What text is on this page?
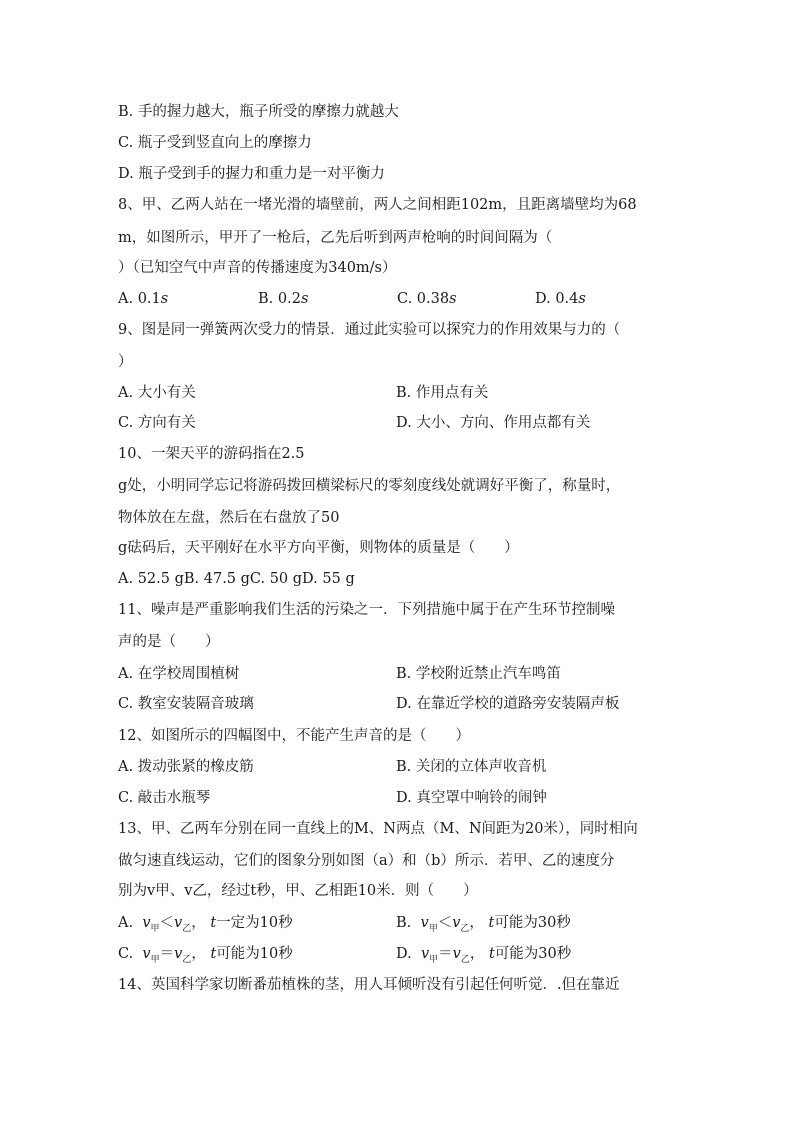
B. 手的握力越大，瓶子所受的摩擦力就越大
C. 瓶子受到竖直向上的摩擦力
D. 瓶子受到手的握力和重力是一对平衡力
8、甲、乙两人站在一堵光滑的墙壁前，两人之间相距102m，且距离墙壁均为68
m，如图所示，甲开了一枪后，乙先后听到两声枪响的时间间隔为（
）（已知空气中声音的传播速度为340m/s）
A. 0.1s	B. 0.2s	C. 0.38s	D. 0.4s
9、图是同一弹簧两次受力的情景．通过此实验可以探究力的作用效果与力的（
）
A. 大小有关	B. 作用点有关
C. 方向有关	D. 大小、方向、作用点都有关
10、一架天平的游码指在2.5
g处，小明同学忘记将游码拨回横梁标尺的零刻度线处就调好平衡了，称量时，
物体放在左盘，然后在右盘放了50
g砝码后，天平刚好在水平方向平衡，则物体的质量是（　　）
A. 52.5 gB. 47.5 gC. 50 gD. 55 g
11、噪声是严重影响我们生活的污染之一．下列措施中属于在产生环节控制噪
声的是（　　）
A. 在学校周围植树	B. 学校附近禁止汽车鸣笛
C. 教室安装隔音玻璃	D. 在靠近学校的道路旁安装隔声板
12、如图所示的四幅图中，不能产生声音的是（　　）
A. 拨动张紧的橡皮筋	B. 关闭的立体声收音机
C. 敲击水瓶琴	D. 真空罩中响铃的闹钟
13、甲、乙两车分别在同一直线上的M、N两点（M、N间距为20米），同时相向
做匀速直线运动，它们的图象分别如图（a）和（b）所示．若甲、乙的速度分
别为v甲、v乙，经过t秒，甲、乙相距10米．则（　　）
A. $v_甲<v_乙$， t一定为10秒	B. $v_甲<v_乙$， t可能为30秒
C. $v_甲=v_乙$， t可能为10秒	D. $v_甲=v_乙$， t可能为30秒
14、英国科学家切断番茄植株的茎，用人耳倾听没有引起任何听觉．.但在靠近
